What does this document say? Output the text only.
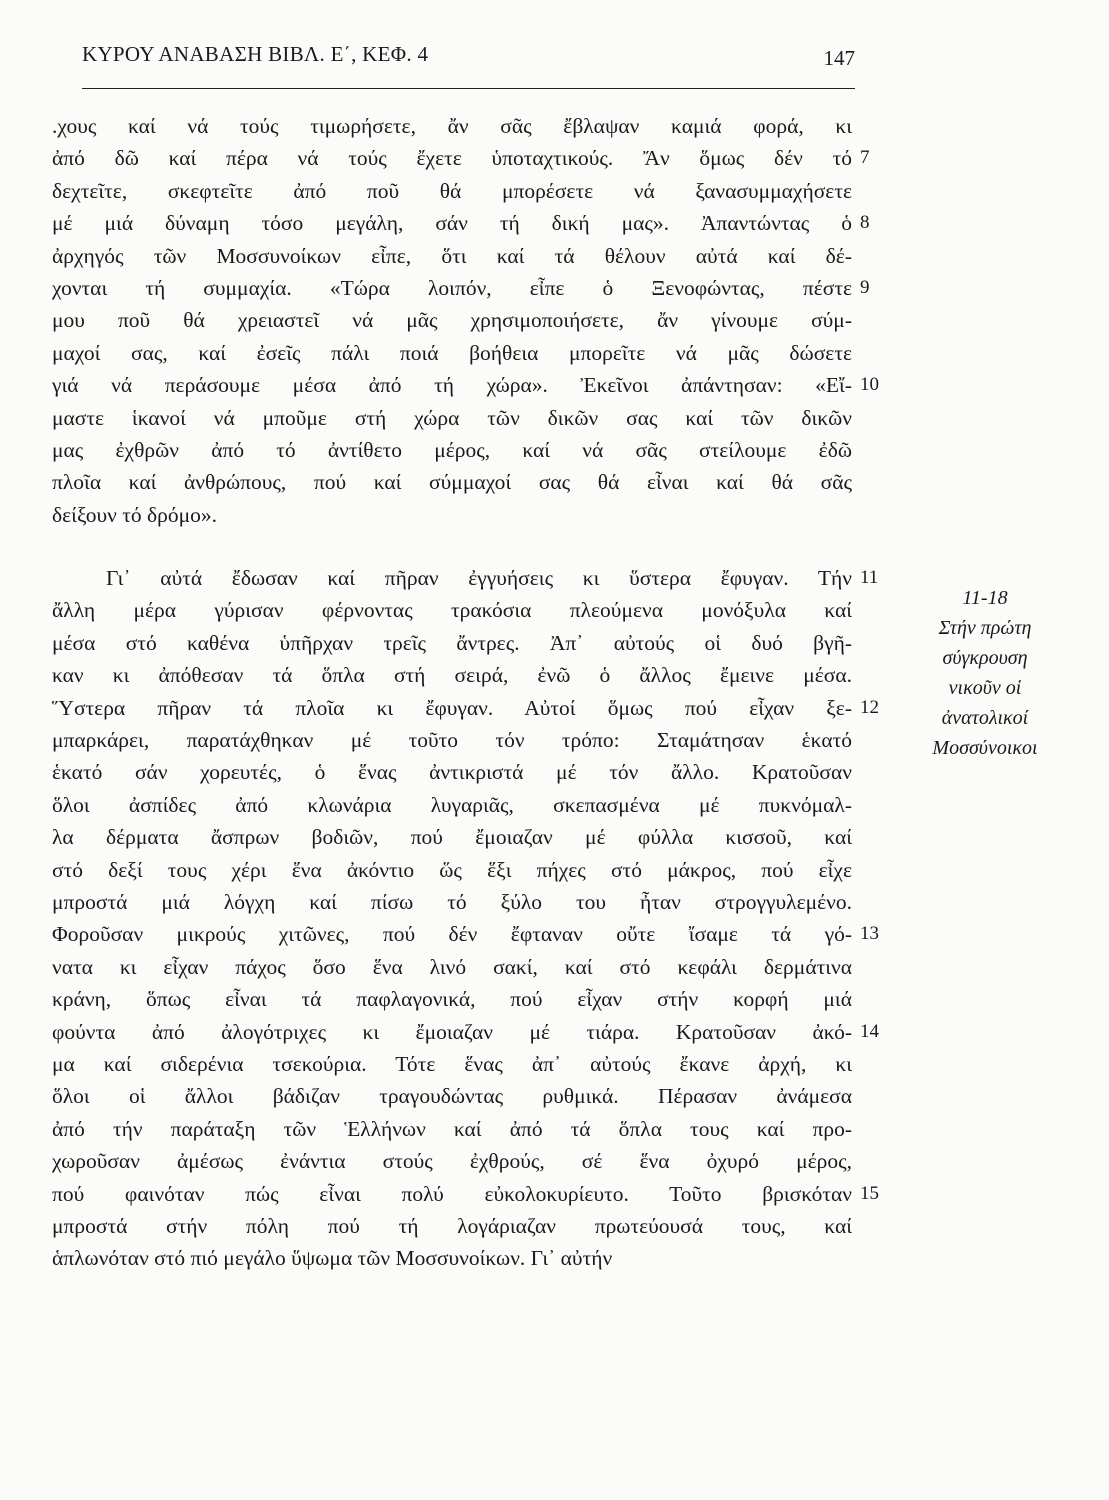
ΚΥΡΟΥ ΑΝΑΒΑΣΗ ΒΙΒΛ. Ε΄, ΚΕΦ. 4	147
.χους καί νά τούς τιμωρήσετε, ἄν σᾶς ἔβλαψαν καμιά φορά, κι
ἀπό δῶ καί πέρα νά τούς ἔχετε ὑποταχτικούς. Ἄν ὅμως δέν τό 7
δεχτεῖτε, σκεφτεῖτε ἀπό ποῦ θά μπορέσετε νά ξανασυμμαχήσετε
μέ μιά δύναμη τόσο μεγάλη, σάν τή δική μας». Ἀπαντώντας ὁ 8
ἀρχηγός τῶν Μοσσυνοίκων εἶπε, ὅτι καί τά θέλουν αὐτά καί δέ-
χονται τή συμμαχία. «Τώρα λοιπόν, εἶπε ὁ Ξενοφώντας, πέστε 9
μου ποῦ θά χρειαστεῖ νά μᾶς χρησιμοποιήσετε, ἄν γίνουμε σύμ-
μαχοί σας, καί ἐσεῖς πάλι ποιά βοήθεια μπορεῖτε νά μᾶς δώσετε
γιά νά περάσουμε μέσα ἀπό τή χώρα». Ἐκεῖνοι ἀπάντησαν: «Εἴ- 10
μαστε ἱκανοί νά μποῦμε στή χώρα τῶν δικῶν σας καί τῶν δικῶν
μας ἐχθρῶν ἀπό τό ἀντίθετο μέρος, καί νά σᾶς στείλουμε ἐδῶ
πλοῖα καί ἀνθρώπους, πού καί σύμμαχοί σας θά εἶναι καί θά σᾶς
δείξουν τό δρόμο».
Γι᾽ αὐτά ἔδωσαν καί πῆραν ἐγγυήσεις κι ὕστερα ἔφυγαν. Τήν 11
ἄλλη μέρα γύρισαν φέρνοντας τρακόσια πλεούμενα μονόξυλα καί
μέσα στό καθένα ὑπῆρχαν τρεῖς ἄντρες. Ἀπ᾽ αὐτούς οἱ δυό βγῆ-
καν κι ἀπόθεσαν τά ὅπλα στή σειρά, ἐνῶ ὁ ἄλλος ἔμεινε μέσα.
Ὕστερα πῆραν τά πλοῖα κι ἔφυγαν. Αὐτοί ὅμως πού εἶχαν ξε- 12
μπαρκάρει, παρατάχθηκαν μέ τοῦτο τόν τρόπο: Σταμάτησαν ἑκατό
ἑκατό σάν χορευτές, ὁ ἕνας ἀντικριστά μέ τόν ἄλλο. Κρατοῦσαν
ὅλοι ἀσπίδες ἀπό κλωνάρια λυγαριᾶς, σκεπασμένα μέ πυκνόμαλ-
λα δέρματα ἄσπρων βοδιῶν, πού ἔμοιαζαν μέ φύλλα κισσοῦ, καί
στό δεξί τους χέρι ἕνα ἀκόντιο ὥς ἕξι πήχες στό μάκρος, πού εἶχε
μπροστά μιά λόγχη καί πίσω τό ξύλο του ἦταν στρογγυλεμένο.
Φοροῦσαν μικρούς χιτῶνες, πού δέν ἔφταναν οὔτε ἴσαμε τά γό- 13
νατα κι εἶχαν πάχος ὅσο ἕνα λινό σακί, καί στό κεφάλι δερμάτινα
κράνη, ὅπως εἶναι τά παφλαγονικά, πού εἶχαν στήν κορφή μιά
φούντα ἀπό ἀλογότριχες κι ἔμοιαζαν μέ τιάρα. Κρατοῦσαν ἀκό- 14
μα καί σιδερένια τσεκούρια. Τότε ἕνας ἀπ᾽ αὐτούς ἔκανε ἀρχή, κι
ὅλοι οἱ ἄλλοι βάδιζαν τραγουδώντας ρυθμικά. Πέρασαν ἀνάμεσα
ἀπό τήν παράταξη τῶν Ἑλλήνων καί ἀπό τά ὅπλα τους καί προ-
χωροῦσαν ἀμέσως ἐνάντια στούς ἐχθρούς, σέ ἕνα ὀχυρό μέρος,
πού φαινόταν πώς εἶναι πολύ εὐκολοκυρίευτο. Τοῦτο βρισκόταν 15
μπροστά στήν πόλη πού τή λογάριαζαν πρωτεύουσά τους, καί
ἁπλωνόταν στό πιό μεγάλο ὕψωμα τῶν Μοσσυνοίκων. Γι᾽ αὐτήν
11-18
Στήν πρώτη
σύγκρουση
νικοῦν οἱ
ἀνατολικοί
Μοσσύνοικοι
